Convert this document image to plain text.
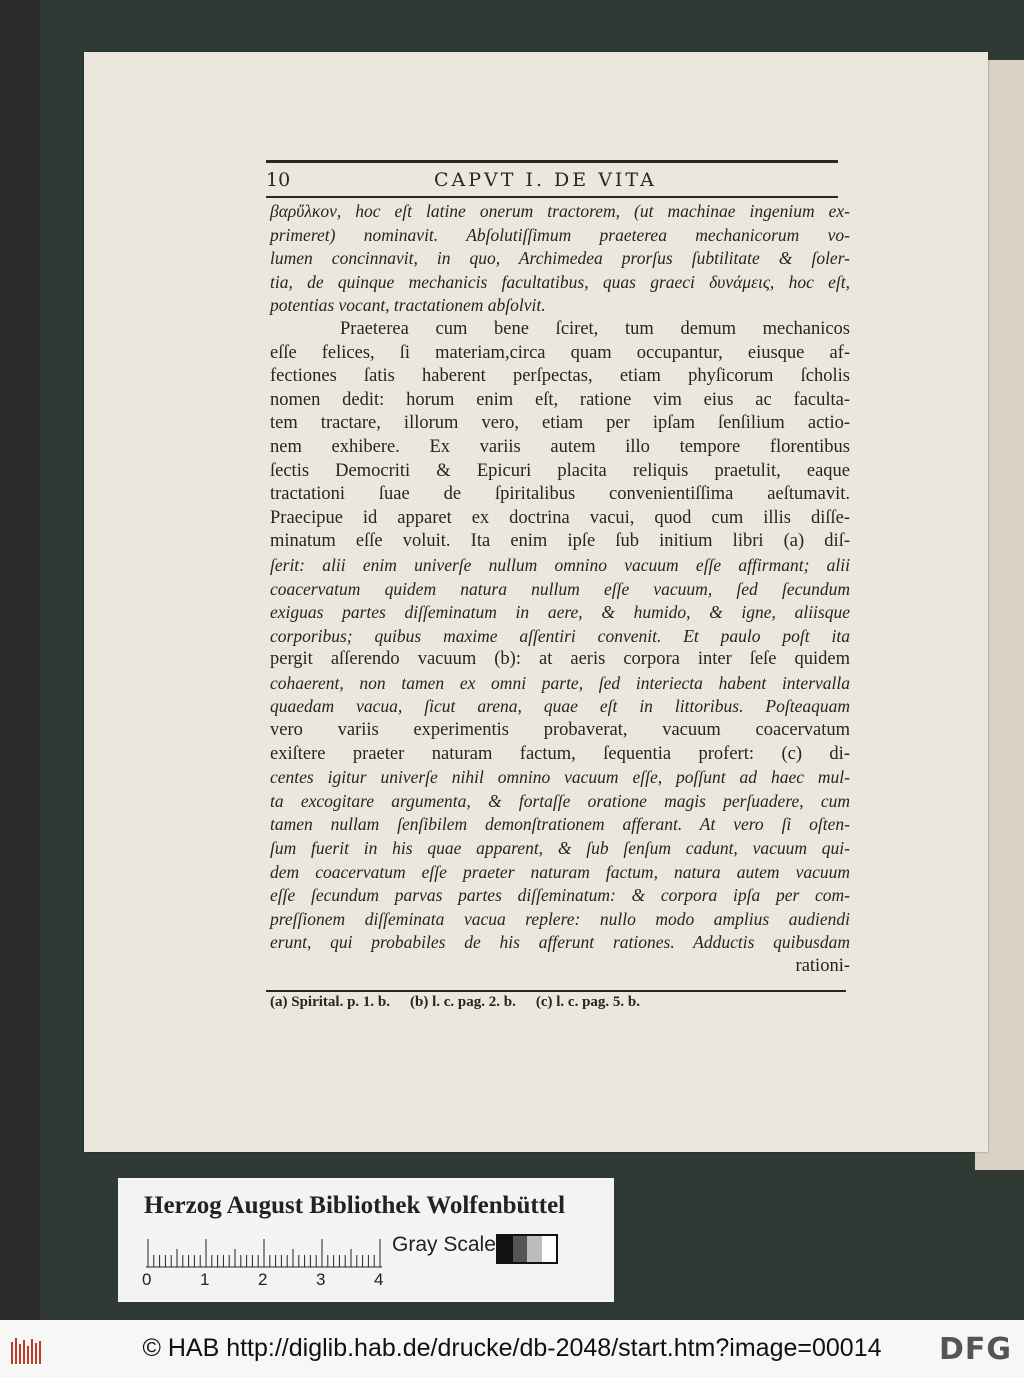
10	CAPVT I. DE VITA
βαρὔλκον, hoc eſt latine onerum tractorem, (ut machinae ingenium ex-
primeret) nominavit. Abſolutiſſimum praeterea mechanicorum vo-
lumen concinnavit, in quo, Archimedea prorſus ſubtilitate & ſoler-
tia, de quinque mechanicis facultatibus, quas graeci δυνάμεις, hoc eſt,
potentias vocant, tractationem abſolvit.
Praeterea cum bene ſciret, tum demum mechanicos
eſſe felices, ſi materiam,circa quam occupantur, eiusque af-
fectiones ſatis haberent perſpectas, etiam phyſicorum ſcholis
nomen dedit: horum enim eſt, ratione vim eius ac faculta-
tem tractare, illorum vero, etiam per ipſam ſenſilium actio-
nem exhibere. Ex variis autem illo tempore florentibus
ſectis Democriti & Epicuri placita reliquis praetulit, eaque
tractationi ſuae de ſpiritalibus convenientiſſima aeſtumavit.
Praecipue id apparet ex doctrina vacui, quod cum illis diſſe-
minatum eſſe voluit. Ita enim ipſe ſub initium libri (a) diſ-
ſerit: alii enim univerſe nullum omnino vacuum eſſe affirmant; alii
coacervatum quidem natura nullum eſſe vacuum, ſed ſecundum
exiguas partes diſſeminatum in aere, & humido, & igne, aliisque
corporibus; quibus maxime aſſentiri convenit. Et paulo poſt ita
pergit aſſerendo vacuum (b): at aeris corpora inter ſeſe quidem
cohaerent, non tamen ex omni parte, ſed interiecta habent intervalla
quaedam vacua, ſicut arena, quae eſt in littoribus. Poſteaquam
vero variis experimentis probaverat, vacuum coacervatum
exiſtere praeter naturam factum, ſequentia profert: (c) di-
centes igitur univerſe nihil omnino vacuum eſſe, poſſunt ad haec mul-
ta excogitare argumenta, & fortaſſe oratione magis perſuadere, cum
tamen nullam ſenſibilem demonſtrationem afferant. At vero ſi oſten-
ſum fuerit in his quae apparent, & ſub ſenſum cadunt, vacuum qui-
dem coacervatum eſſe praeter naturam factum, natura autem vacuum
eſſe ſecundum parvas partes diſſeminatum: & corpora ipſa per com-
preſſionem diſſeminata vacua replere: nullo modo amplius audiendi
erunt, qui probabiles de his afferunt rationes. Adductis quibusdam
rationi-
(a) Spirital. p. 1. b. (b) l. c. pag. 2. b. (c) l. c. pag. 5. b.
Herzog August Bibliothek Wolfenbüttel
0	1	2	3	4
Gray Scale
© HAB http://diglib.hab.de/drucke/db-2048/start.htm?image=00014	DFG
